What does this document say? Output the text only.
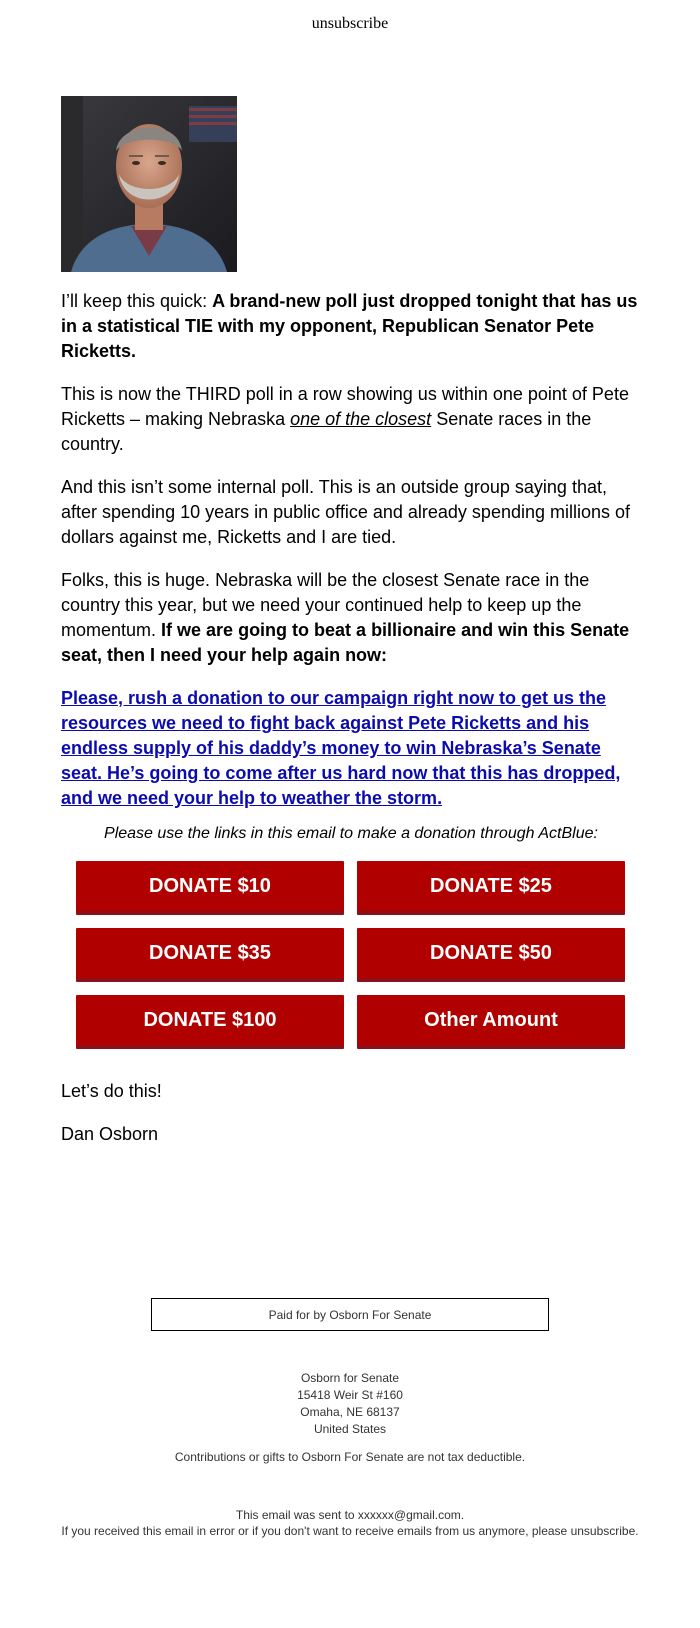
unsubscribe

I’ll keep this quick: A brand-new poll just dropped tonight that has us in a statistical TIE with my opponent, Republican Senator Pete Ricketts.

This is now the THIRD poll in a row showing us within one point of Pete Ricketts – making Nebraska one of the closest Senate races in the country.

And this isn’t some internal poll. This is an outside group saying that, after spending 10 years in public office and already spending millions of dollars against me, Ricketts and I are tied.

Folks, this is huge. Nebraska will be the closest Senate race in the country this year, but we need your continued help to keep up the momentum. If we are going to beat a billionaire and win this Senate seat, then I need your help again now:

Please, rush a donation to our campaign right now to get us the resources we need to fight back against Pete Ricketts and his endless supply of his daddy’s money to win Nebraska’s Senate seat. He’s going to come after us hard now that this has dropped, and we need your help to weather the storm.
Please use the links in this email to make a donation through ActBlue:
DONATE $10	DONATE $25
DONATE $35	DONATE $50
DONATE $100	Other Amount
Let’s do this!
Dan Osborn
Paid for by Osborn For Senate
Osborn for Senate
15418 Weir St #160
Omaha, NE 68137
United States
Contributions or gifts to Osborn For Senate are not tax deductible.
This email was sent to xxxxxx@gmail.com.
If you received this email in error or if you don't want to receive emails from us anymore, please unsubscribe.
